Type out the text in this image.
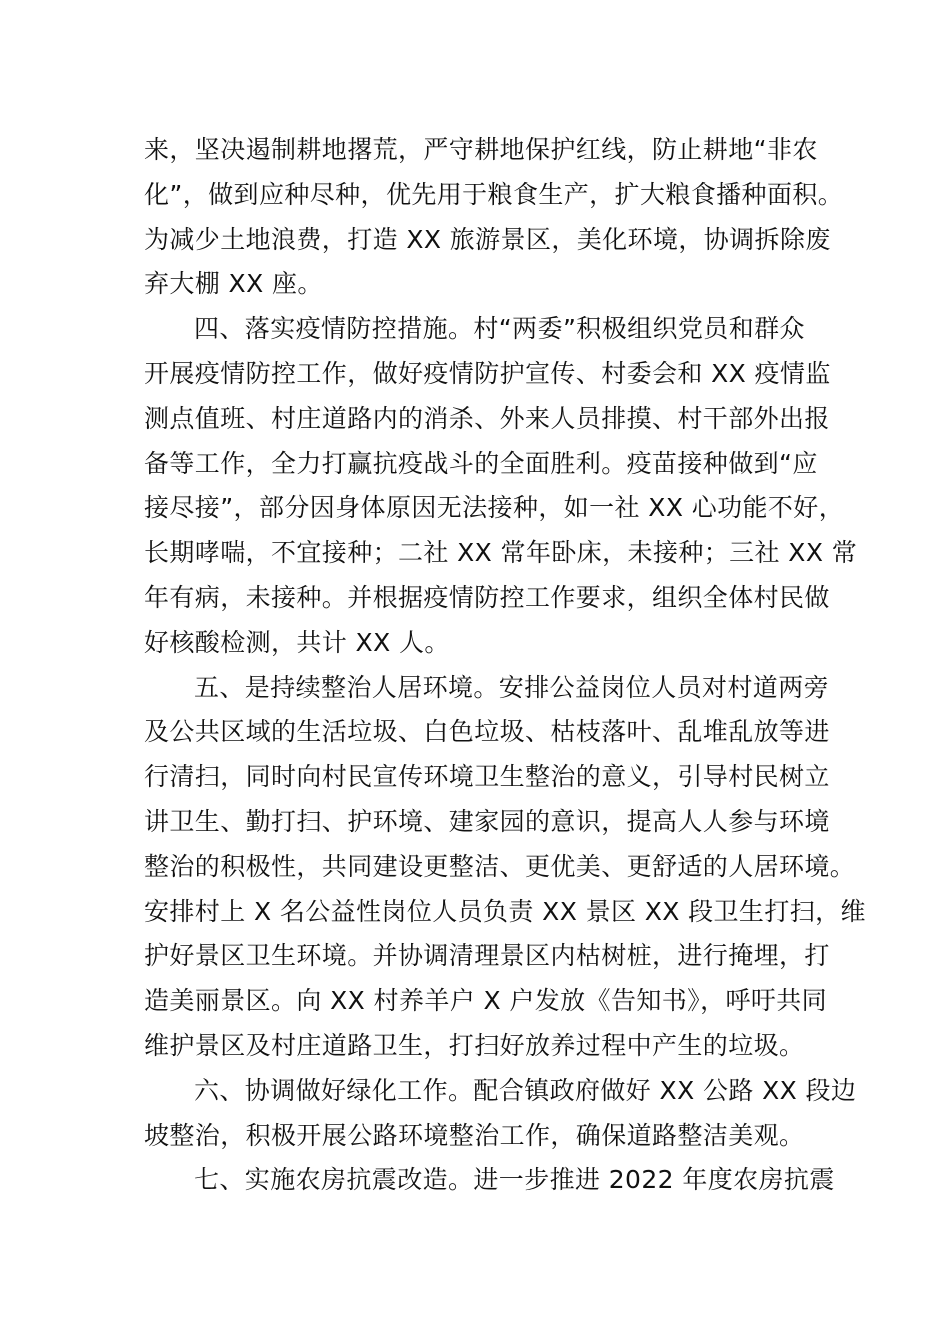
来，坚决遏制耕地撂荒，严守耕地保护红线，防止耕地“非农
化”，做到应种尽种，优先用于粮食生产，扩大粮食播种面积。
为减少土地浪费，打造 XX 旅游景区，美化环境，协调拆除废
弃大棚 XX 座。
四、落实疫情防控措施。村“两委”积极组织党员和群众
开展疫情防控工作，做好疫情防护宣传、村委会和 XX 疫情监
测点值班、村庄道路内的消杀、外来人员排摸、村干部外出报
备等工作，全力打赢抗疫战斗的全面胜利。疫苗接种做到“应
接尽接”，部分因身体原因无法接种，如一社 XX 心功能不好，
长期哮喘，不宜接种；二社 XX 常年卧床，未接种；三社 XX 常
年有病，未接种。并根据疫情防控工作要求，组织全体村民做
好核酸检测，共计 XX 人。
五、是持续整治人居环境。安排公益岗位人员对村道两旁
及公共区域的生活垃圾、白色垃圾、枯枝落叶、乱堆乱放等进
行清扫，同时向村民宣传环境卫生整治的意义，引导村民树立
讲卫生、勤打扫、护环境、建家园的意识，提高人人参与环境
整治的积极性，共同建设更整洁、更优美、更舒适的人居环境。
安排村上 X 名公益性岗位人员负责 XX 景区 XX 段卫生打扫，维
护好景区卫生环境。并协调清理景区内枯树桩，进行掩埋，打
造美丽景区。向 XX 村养羊户 X 户发放《告知书》，呼吁共同
维护景区及村庄道路卫生，打扫好放养过程中产生的垃圾。
六、协调做好绿化工作。配合镇政府做好 XX 公路 XX 段边
坡整治，积极开展公路环境整治工作，确保道路整洁美观。
七、实施农房抗震改造。进一步推进 2022 年度农房抗震
